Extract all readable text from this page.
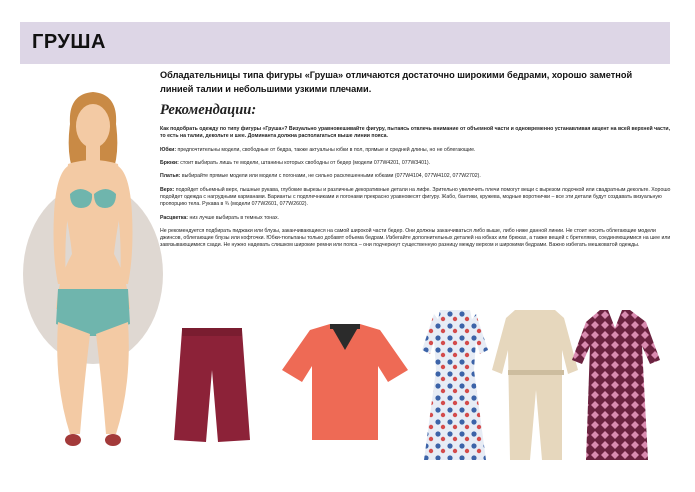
ГРУША
Обладательницы типа фигуры «Груша» отличаются достаточно широкими бедрами, хорошо заметной линией талии и небольшими узкими плечами.
Рекомендации:

Как подобрать одежду по типу фигуры «Груша»? Визуально уравновешивайте фигуру, пытаясь отвлечь внимание от объемной части и одновременно устанавливая акцент на всей верхней части, то есть на талии, декольте и шее. Доминанта должна располагаться выше линии пояса.

Юбки: предпочтительны модели, свободные от бедра, также актуальны юбки в пол, прямые и средней длины, но не облегающие.

Брюки: стоит выбирать лишь те модели, штанины которых свободны от бедер (модели 077W4201, 077W3401).

Платья: выбирайте прямые модели или модели с погонами, не сильно расклешенными юбками (077W4104, 077W4102, 077W2702).

Верх: подойдет объемный верх, пышные рукава, глубокие вырезы и различные декоративные детали на лифе. Зрительно увеличить плечи помогут вещи с вырезом лодочкой или свадратным декольте. Хорошо подойдет одежда с нагрудными карманами. Варианты с подплечниками и погонами прекрасно уравновесят фигуру. Жабо, бантики, кружева, модные воротнички – все эти детали будут создавать визуальную пропорцию тела. Рукава в ¾ (модели 077W2601, 077W2602).

Расцветка: низ лучше выбирать в темных тонах.

Не рекомендуется подбирать пиджаки или блузы, заканчивающиеся на самой широкой части бедер. Они должны заканчиваться либо выше, либо ниже данной линии. Не стоит носить облегающие модели джинсов, облегающие блузы или кофточки. Юбки-тюльпаны только добавят объема бедрам. Избегайте дополнительных деталей на юбках или брюках, а также вещей с бретелями, соединяющимися на шее или завязывающимися сзади. Не нужно надевать слишком широкие ремни или пояса – они подчеркнут существенную разницу между верхом и широкими бедрами. Важно избегать мешковатой одежды.
